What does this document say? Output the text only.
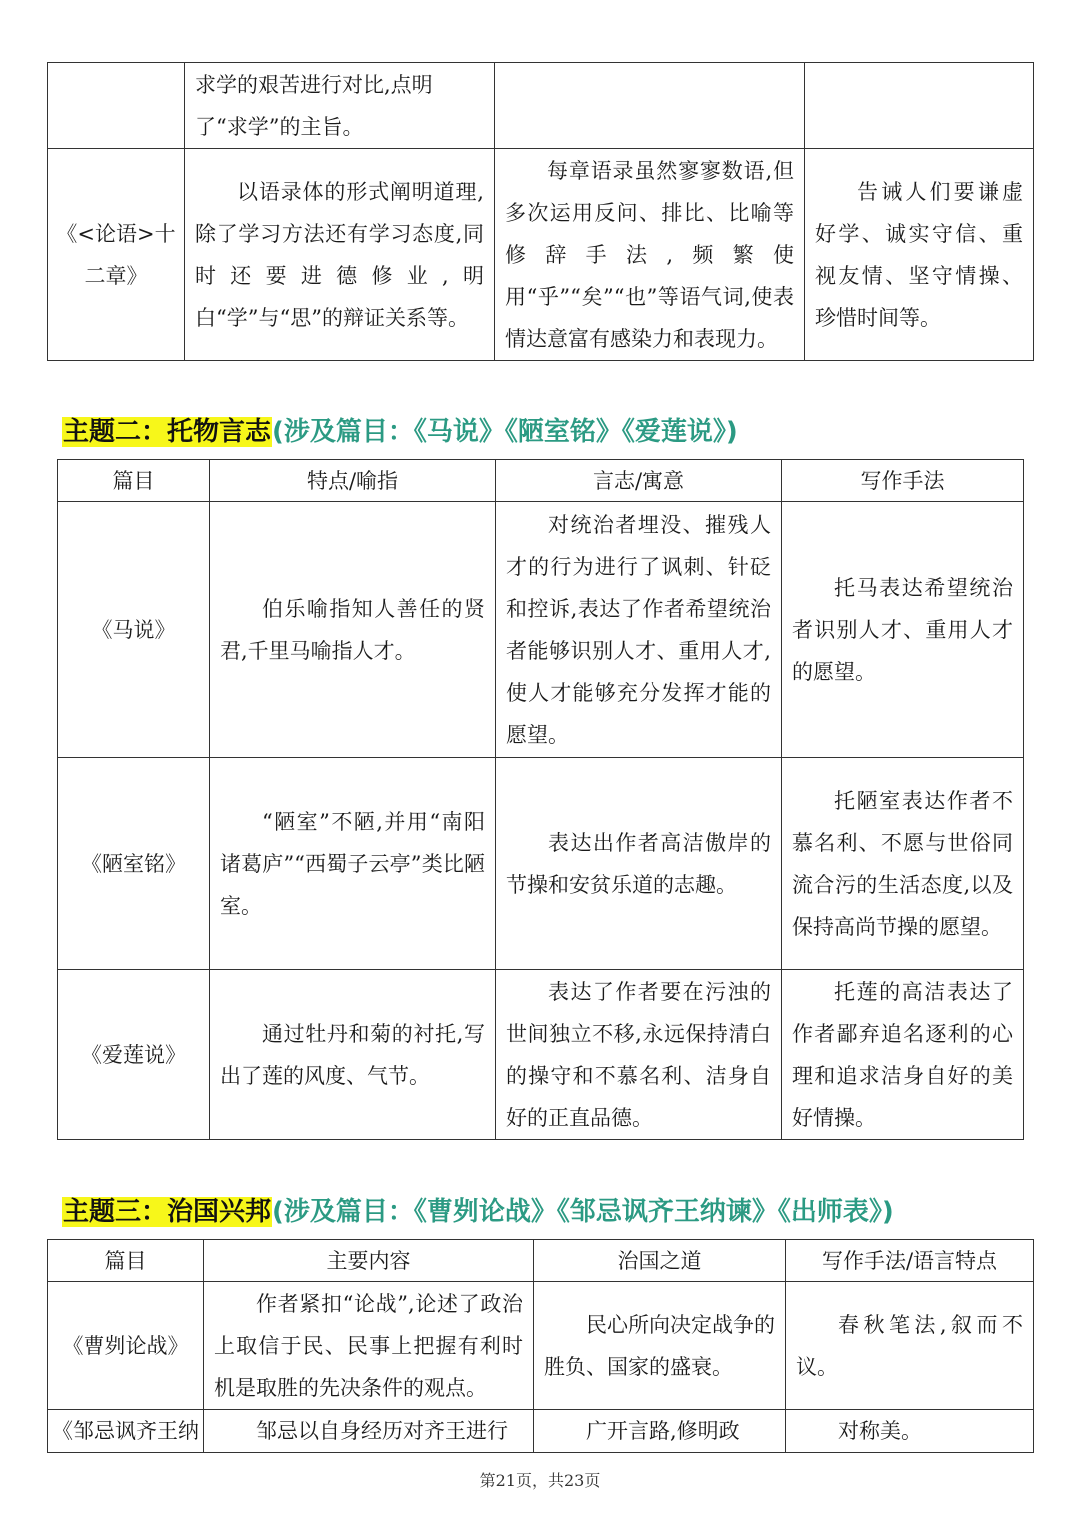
	求学的艰苦进行对比,点明了“求学”的主旨。		
《<论语>十二章》	以语录体的形式阐明道理,除了学习方法还有学习态度,同时还要进德修业,明白“学”与“思”的辩证关系等。	每章语录虽然寥寥数语,但多次运用反问、排比、比喻等修辞手法,频繁使用“乎”“矣”“也”等语气词,使表情达意富有感染力和表现力。	告诫人们要谦虚好学、诚实守信、重视友情、坚守情操、珍惜时间等。
主题二：托物言志(涉及篇目：《马说》《陋室铭》《爱莲说》)
篇目	特点/喻指	言志/寓意	写作手法
《马说》	伯乐喻指知人善任的贤君,千里马喻指人才。	对统治者埋没、摧残人才的行为进行了讽刺、针砭和控诉,表达了作者希望统治者能够识别人才、重用人才,使人才能够充分发挥才能的愿望。	托马表达希望统治者识别人才、重用人才的愿望。
《陋室铭》	“陋室”不陋,并用“南阳诸葛庐”“西蜀子云亭”类比陋室。	表达出作者高洁傲岸的节操和安贫乐道的志趣。	托陋室表达作者不慕名利、不愿与世俗同流合污的生活态度,以及保持高尚节操的愿望。
《爱莲说》	通过牡丹和菊的衬托,写出了莲的风度、气节。	表达了作者要在污浊的世间独立不移,永远保持清白的操守和不慕名利、洁身自好的正直品德。	托莲的高洁表达了作者鄙弃追名逐利的心理和追求洁身自好的美好情操。
主题三：治国兴邦(涉及篇目：《曹刿论战》《邹忌讽齐王纳谏》《出师表》)
篇目	主要内容	治国之道	写作手法/语言特点
《曹刿论战》	作者紧扣“论战”,论述了政治上取信于民、民事上把握有利时机是取胜的先决条件的观点。	民心所向决定战争的胜负、国家的盛衰。	春秋笔法,叙而不议。
《邹忌讽齐王纳	邹忌以自身经历对齐王进行	广开言路,修明政	对称美。
第21页，共23页
